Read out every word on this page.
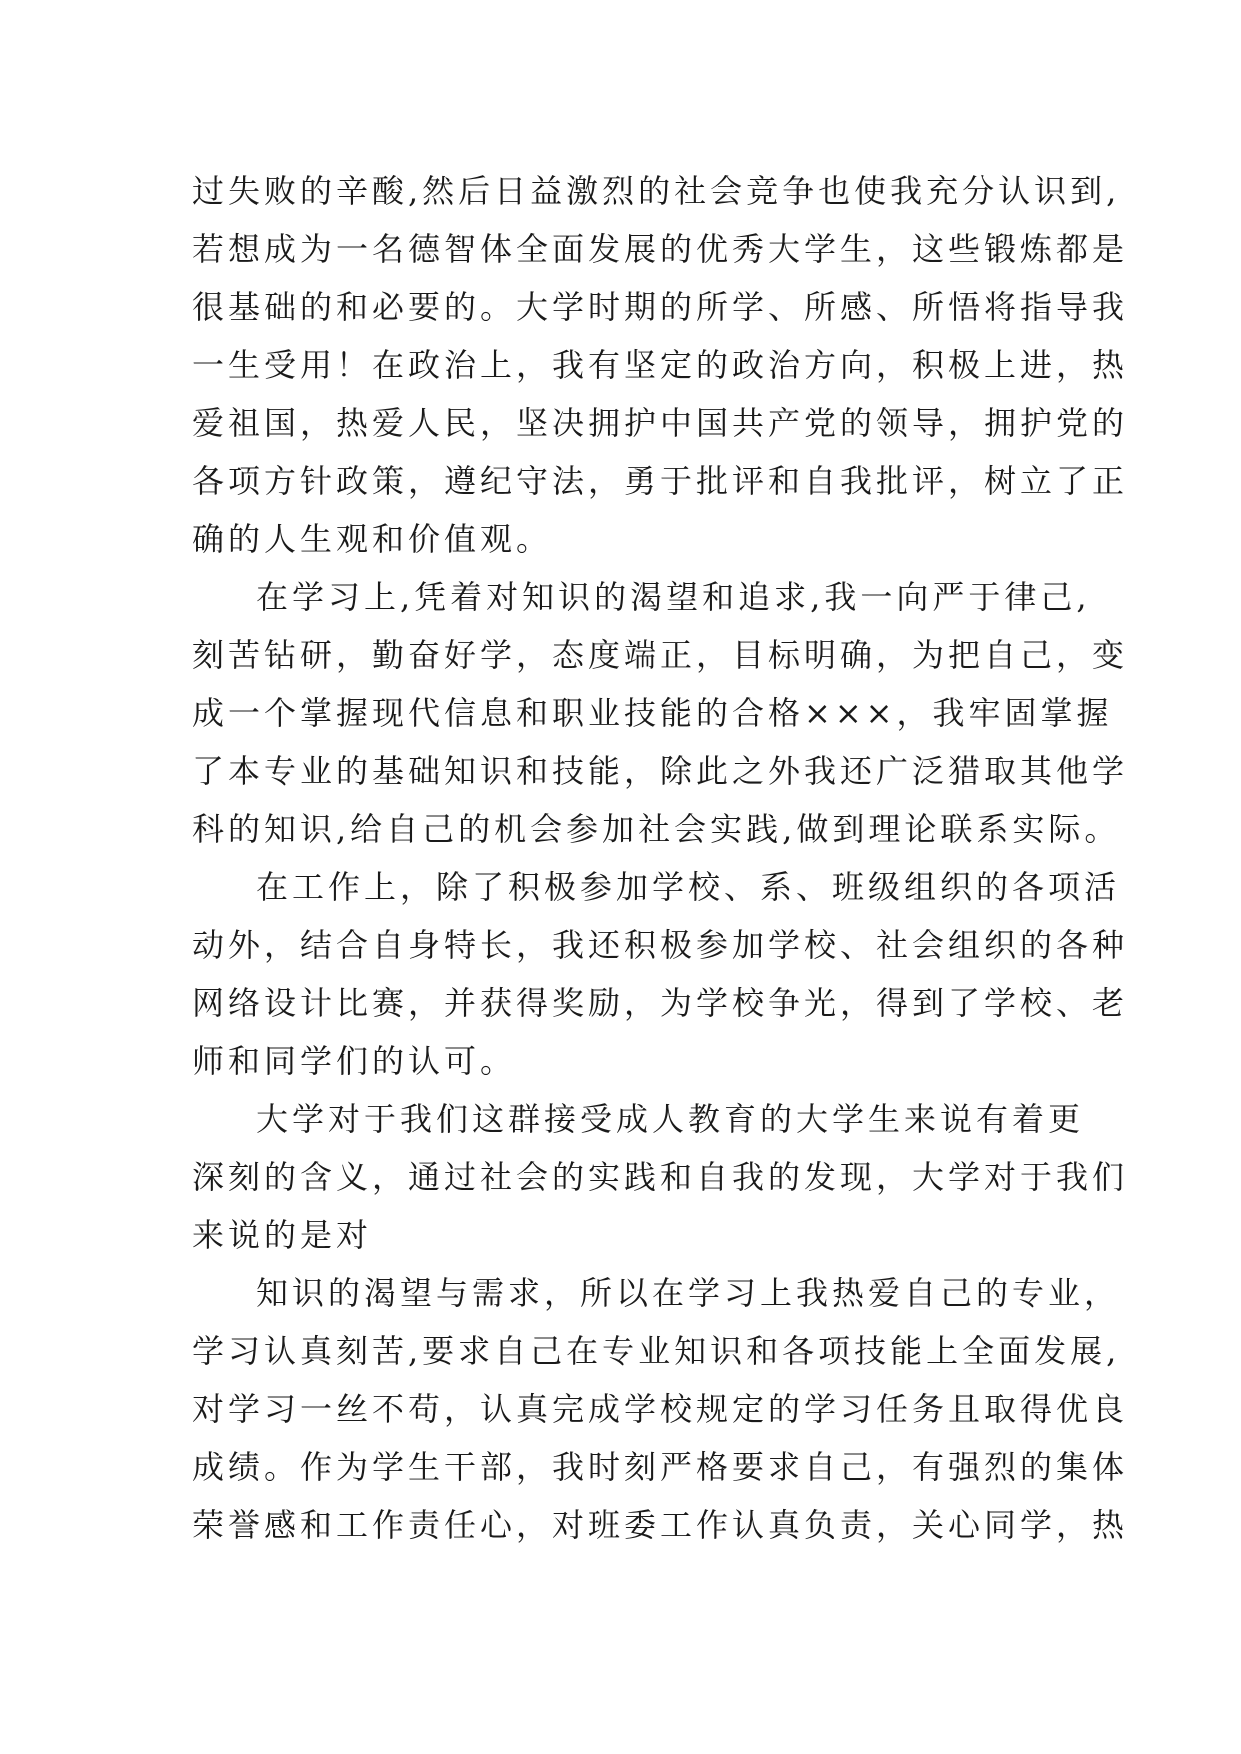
过失败的辛酸,然后日益激烈的社会竞争也使我充分认识到,
若想成为一名德智体全面发展的优秀大学生，这些锻炼都是
很基础的和必要的。大学时期的所学、所感、所悟将指导我
一生受用！在政治上，我有坚定的政治方向，积极上进，热
爱祖国，热爱人民，坚决拥护中国共产党的领导，拥护党的
各项方针政策，遵纪守法，勇于批评和自我批评，树立了正
确的人生观和价值观。
在学习上,凭着对知识的渴望和追求,我一向严于律己,
刻苦钻研，勤奋好学，态度端正，目标明确，为把自己，变
成一个掌握现代信息和职业技能的合格×××，我牢固掌握
了本专业的基础知识和技能，除此之外我还广泛猎取其他学
科的知识,给自己的机会参加社会实践,做到理论联系实际。
在工作上，除了积极参加学校、系、班级组织的各项活
动外，结合自身特长，我还积极参加学校、社会组织的各种
网络设计比赛，并获得奖励，为学校争光，得到了学校、老
师和同学们的认可。
大学对于我们这群接受成人教育的大学生来说有着更
深刻的含义，通过社会的实践和自我的发现，大学对于我们
来说的是对
知识的渴望与需求，所以在学习上我热爱自己的专业，
学习认真刻苦,要求自己在专业知识和各项技能上全面发展,
对学习一丝不苟，认真完成学校规定的学习任务且取得优良
成绩。作为学生干部，我时刻严格要求自己，有强烈的集体
荣誉感和工作责任心，对班委工作认真负责，关心同学，热
